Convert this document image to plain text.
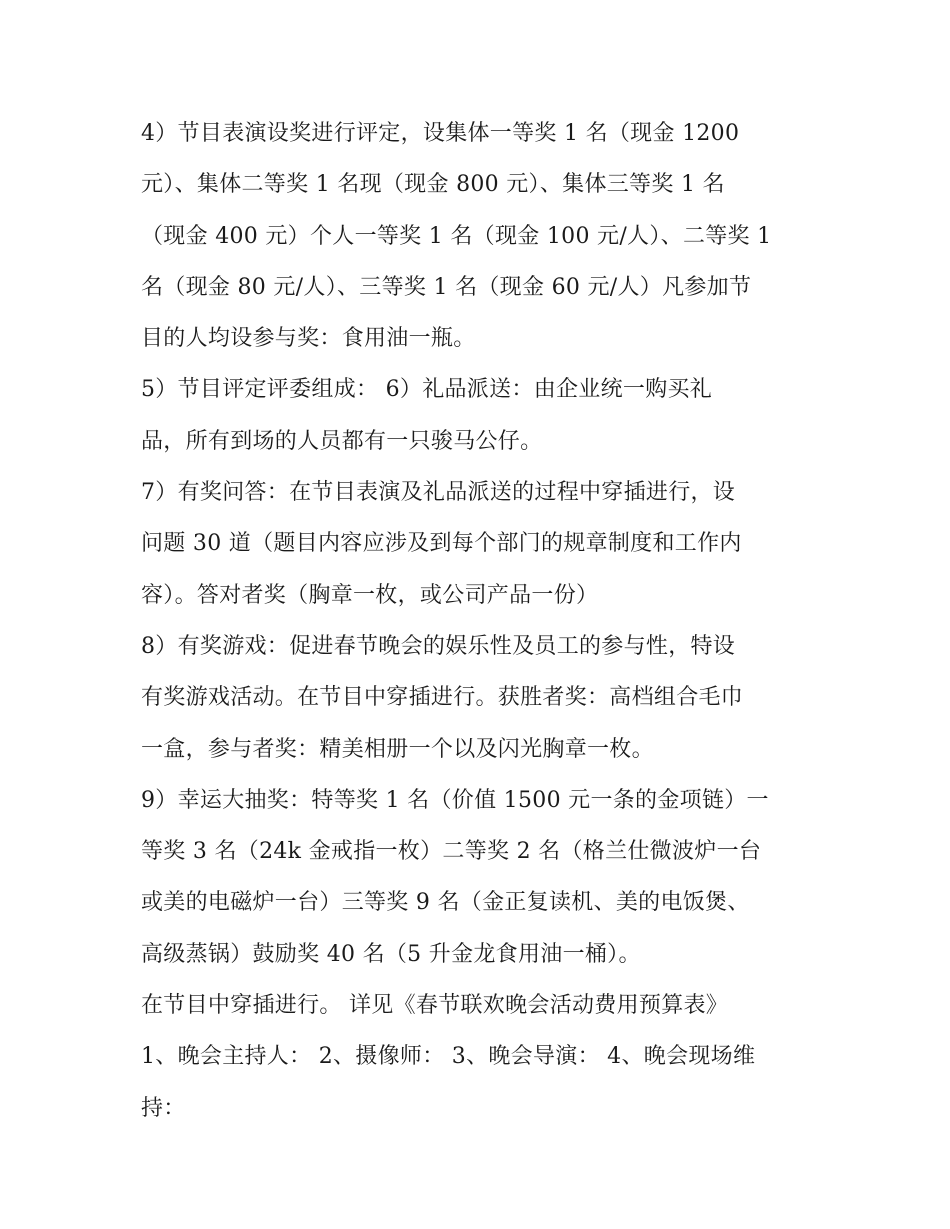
4）节目表演设奖进行评定，设集体一等奖 1 名（现金 1200
元）、集体二等奖 1 名现（现金 800 元）、集体三等奖 1 名
（现金 400 元）个人一等奖 1 名（现金 100 元/人）、二等奖 1
名（现金 80 元/人）、三等奖 1 名（现金 60 元/人）凡参加节
目的人均设参与奖：食用油一瓶。
5）节目评定评委组成： 6）礼品派送：由企业统一购买礼
品，所有到场的人员都有一只骏马公仔。
7）有奖问答：在节目表演及礼品派送的过程中穿插进行，设
问题 30 道（题目内容应涉及到每个部门的规章制度和工作内
容）。答对者奖（胸章一枚，或公司产品一份）
8）有奖游戏：促进春节晚会的娱乐性及员工的参与性，特设
有奖游戏活动。在节目中穿插进行。获胜者奖：高档组合毛巾
一盒，参与者奖：精美相册一个以及闪光胸章一枚。
9）幸运大抽奖：特等奖 1 名（价值 1500 元一条的金项链）一
等奖 3 名（24k 金戒指一枚）二等奖 2 名（格兰仕微波炉一台
或美的电磁炉一台）三等奖 9 名（金正复读机、美的电饭煲、
高级蒸锅）鼓励奖 40 名（5 升金龙食用油一桶）。
在节目中穿插进行。 详见《春节联欢晚会活动费用预算表》
1、晚会主持人： 2、摄像师： 3、晚会导演： 4、晚会现场维
持：
